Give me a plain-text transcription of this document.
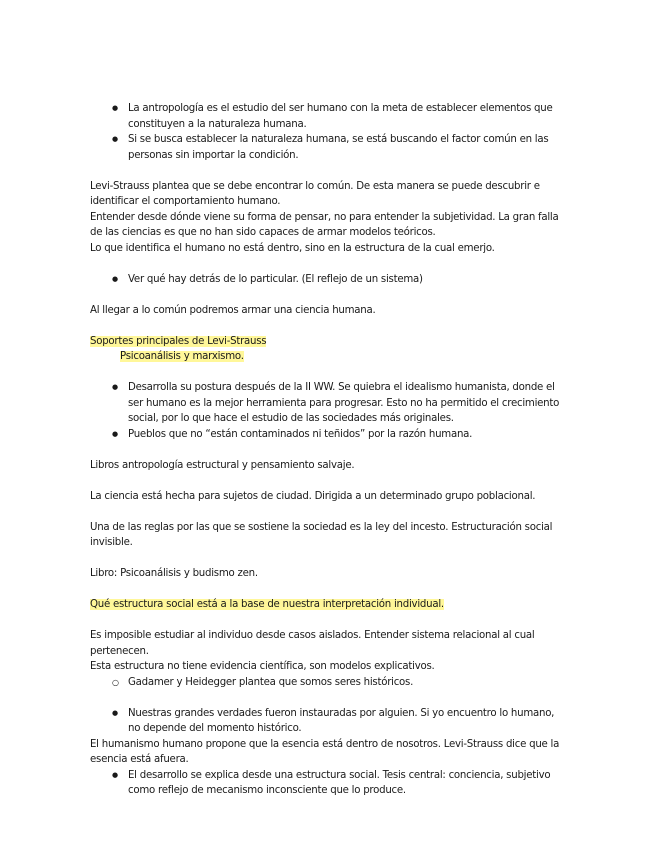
● La antropología es el estudio del ser humano con la meta de establecer elementos que constituyen a la naturaleza humana.
● Si se busca establecer la naturaleza humana, se está buscando el factor común en las personas sin importar la condición.

Levi-Strauss plantea que se debe encontrar lo común. De esta manera se puede descubrir e identificar el comportamiento humano.

Entender desde dónde viene su forma de pensar, no para entender la subjetividad. La gran falla de las ciencias es que no han sido capaces de armar modelos teóricos.

Lo que identifica el humano no está dentro, sino en la estructura de la cual emerjo.

● Ver qué hay detrás de lo particular. (El reflejo de un sistema)

Al llegar a lo común podremos armar una ciencia humana.

Soportes principales de Levi-Strauss

Psicoanálisis y marxismo.

● Desarrolla su postura después de la II WW. Se quiebra el idealismo humanista, donde el ser humano es la mejor herramienta para progresar. Esto no ha permitido el crecimiento social, por lo que hace el estudio de las sociedades más originales.
● Pueblos que no “están contaminados ni teñidos” por la razón humana.

Libros antropología estructural y pensamiento salvaje.

La ciencia está hecha para sujetos de ciudad. Dirigida a un determinado grupo poblacional.

Una de las reglas por las que se sostiene la sociedad es la ley del incesto. Estructuración social invisible.

Libro: Psicoanálisis y budismo zen.

Qué estructura social está a la base de nuestra interpretación individual.

Es imposible estudiar al individuo desde casos aislados. Entender sistema relacional al cual pertenecen.

Esta estructura no tiene evidencia científica, son modelos explicativos.

○ Gadamer y Heidegger plantea que somos seres históricos.
● Nuestras grandes verdades fueron instauradas por alguien. Si yo encuentro lo humano, no depende del momento histórico.

El humanismo humano propone que la esencia está dentro de nosotros. Levi-Strauss dice que la esencia está afuera.

● El desarrollo se explica desde una estructura social. Tesis central: conciencia, subjetivo como reflejo de mecanismo inconsciente que lo produce.
